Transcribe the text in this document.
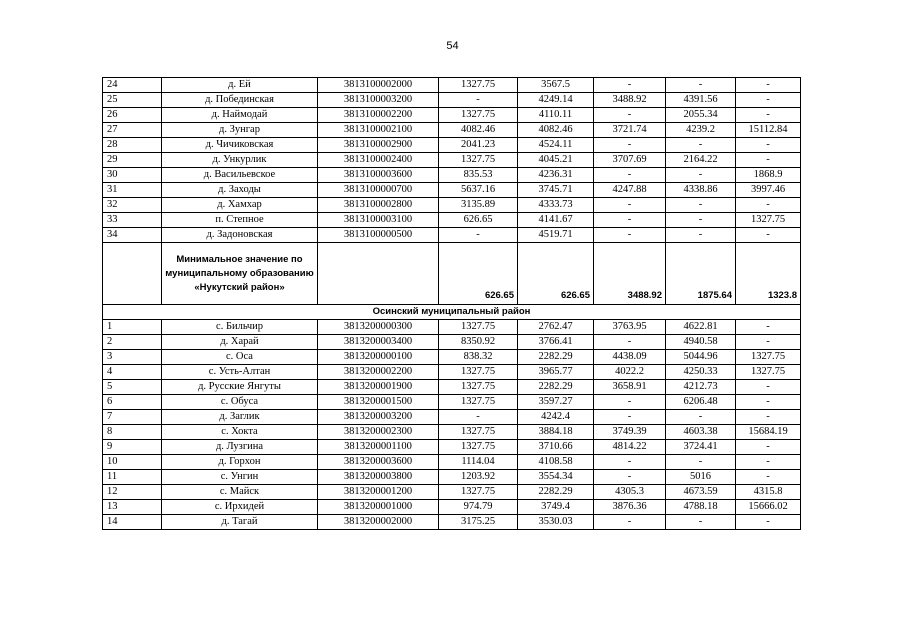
54
24	д. Ей	3813100002000	1327.75	3567.5	-	-	-
25	д. Побединская	3813100003200	-	4249.14	3488.92	4391.56	-
26	д. Наймодай	3813100002200	1327.75	4110.11	-	2055.34	-
27	д. Зунгар	3813100002100	4082.46	4082.46	3721.74	4239.2	15112.84
28	д. Чичиковская	3813100002900	2041.23	4524.11	-	-	-
29	д. Ункурлик	3813100002400	1327.75	4045.21	3707.69	2164.22	-
30	д. Васильевское	3813100003600	835.53	4236.31	-	-	1868.9
31	д. Заходы	3813100000700	5637.16	3745.71	4247.88	4338.86	3997.46
32	д. Хамхар	3813100002800	3135.89	4333.73	-	-	-
33	п. Степное	3813100003100	626.65	4141.67	-	-	1327.75
34	д. Задоновская	3813100000500	-	4519.71	-	-	-
	Минимальное значение по муниципальному образованию «Нукутский район»		626.65	626.65	3488.92	1875.64	1323.8
Осинский муниципальный район							
1	с. Бильчир	3813200000300	1327.75	2762.47	3763.95	4622.81	-
2	д. Харай	3813200003400	8350.92	3766.41	-	4940.58	-
3	с. Оса	3813200000100	838.32	2282.29	4438.09	5044.96	1327.75
4	с. Усть-Алтан	3813200002200	1327.75	3965.77	4022.2	4250.33	1327.75
5	д. Русские Янгуты	3813200001900	1327.75	2282.29	3658.91	4212.73	-
6	с. Обуса	3813200001500	1327.75	3597.27	-	6206.48	-
7	д. Заглик	3813200003200	-	4242.4	-	-	-
8	с. Хокта	3813200002300	1327.75	3884.18	3749.39	4603.38	15684.19
9	д. Лузгина	3813200001100	1327.75	3710.66	4814.22	3724.41	-
10	д. Горхон	3813200003600	1114.04	4108.58	-	-	-
11	с. Унгин	3813200003800	1203.92	3554.34	-	5016	-
12	с. Майск	3813200001200	1327.75	2282.29	4305.3	4673.59	4315.8
13	с. Ирхидей	3813200001000	974.79	3749.4	3876.36	4788.18	15666.02
14	д. Тагай	3813200002000	3175.25	3530.03	-	-	-
